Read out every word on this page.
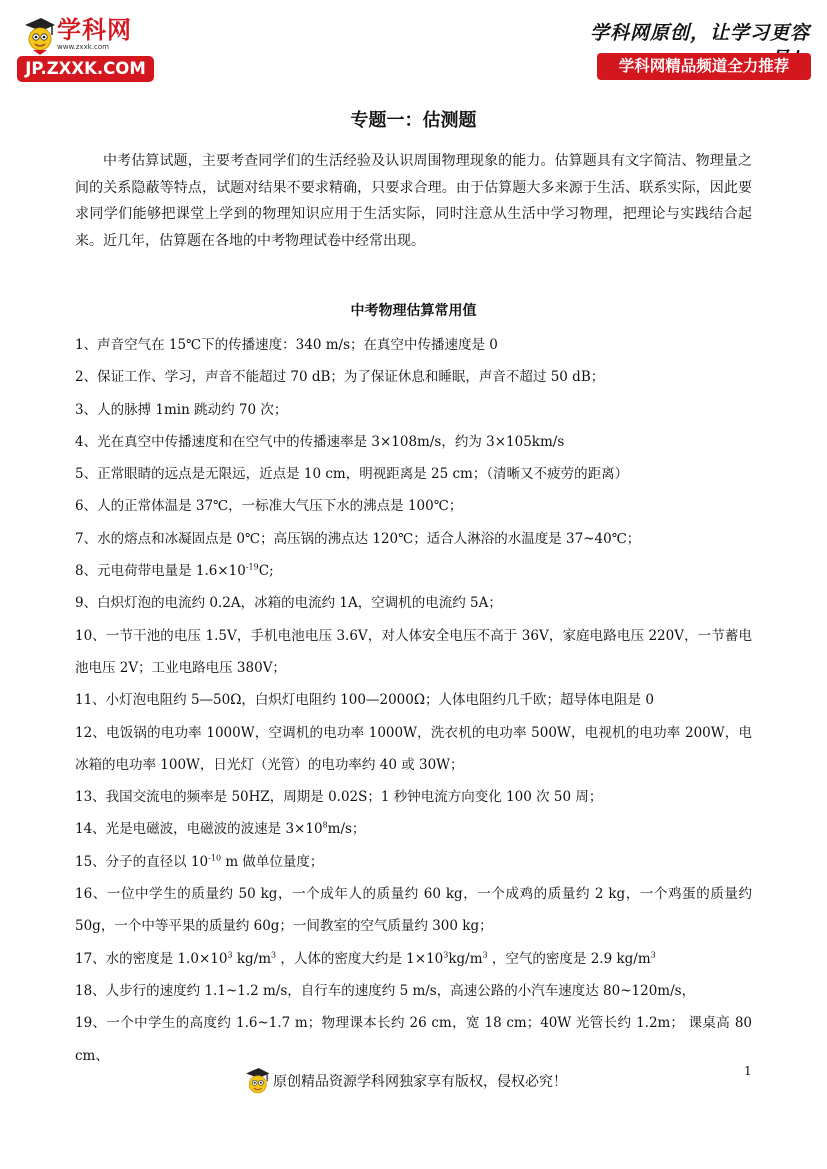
学科网
www.zxxk.com
JP.ZXXK.COM
学科网原创，让学习更容
学科网精品频道全力推荐

专题一：估测题

中考估算试题，主要考查同学们的生活经验及认识周围物理现象的能力。估算题具有文字简洁、物理量之间的关系隐蔽等特点，试题对结果不要求精确，只要求合理。由于估算题大多来源于生活、联系实际，因此要求同学们能够把课堂上学到的物理知识应用于生活实际，同时注意从生活中学习物理，把理论与实践结合起来。近几年，估算题在各地的中考物理试卷中经常出现。

中考物理估算常用值

1、声音空气在 15℃下的传播速度：340 m/s；在真空中传播速度是 0

2、保证工作、学习，声音不能超过 70 dB；为了保证休息和睡眠，声音不超过 50 dB；

3、人的脉搏 1min 跳动约 70 次；

4、光在真空中传播速度和在空气中的传播速率是 3×108m/s，约为 3×105km/s

5、正常眼睛的远点是无限远，近点是 10 cm，明视距离是 25 cm；（清晰又不疲劳的距离）

6、人的正常体温是 37℃，一标准大气压下水的沸点是 100℃；

7、水的熔点和冰凝固点是 0℃；高压锅的沸点达 120℃；适合人淋浴的水温度是 37~40℃；

8、元电荷带电量是 $1.6\times 10^{-19}C$;

9、白炽灯泡的电流约 0.2A，冰箱的电流约 1A，空调机的电流约 5A；

10、一节干池的电压 1.5V，手机电池电压 3.6V，对人体安全电压不高于 36V，家庭电路电压 220V，一节蓄电池电压 2V；工业电路电压 380V；

11、小灯泡电阻约 5—50Ω，白炽灯电阻约 100—2000Ω；人体电阻约几千欧；超导体电阻是 0

12、电饭锅的电功率 1000W，空调机的电功率 1000W，洗衣机的电功率 500W，电视机的电功率 200W，电冰箱的电功率 100W，日光灯（光管）的电功率约 40 或 30W；

13、我国交流电的频率是 50HZ，周期是 0.02S；1 秒钟电流方向变化 100 次 50 周；

14、光是电磁波，电磁波的波速是 $3\times 10^8m/s$；

15、分子的直径以 $10^{-10}$ m 做单位量度；

16、一位中学生的质量约 50 kg，一个成年人的质量约 60 kg，一个成鸡的质量约 2 kg，一个鸡蛋的质量约 50g，一个中等平果的质量约 60g；一间教室的空气质量约 300 kg；

17、水的密度是 $1.0\times 10^3$ $kg/m^3$ ，人体的密度大约是 $1\times 10^3kg/m^3$ ，空气的密度是 2.9 $kg/m^3$

18、人步行的速度约 1.1~1.2 m/s，自行车的速度约 5 m/s，高速公路的小汽车速度达 80~120m/s，

19、一个中学生的高度约 1.6~1.7 m；物理课本长约 26 cm，宽 18 cm；40W 光管长约 1.2m； 课桌高 80 cm、

1
原创精品资源学科网独家享有版权，侵权必究！
